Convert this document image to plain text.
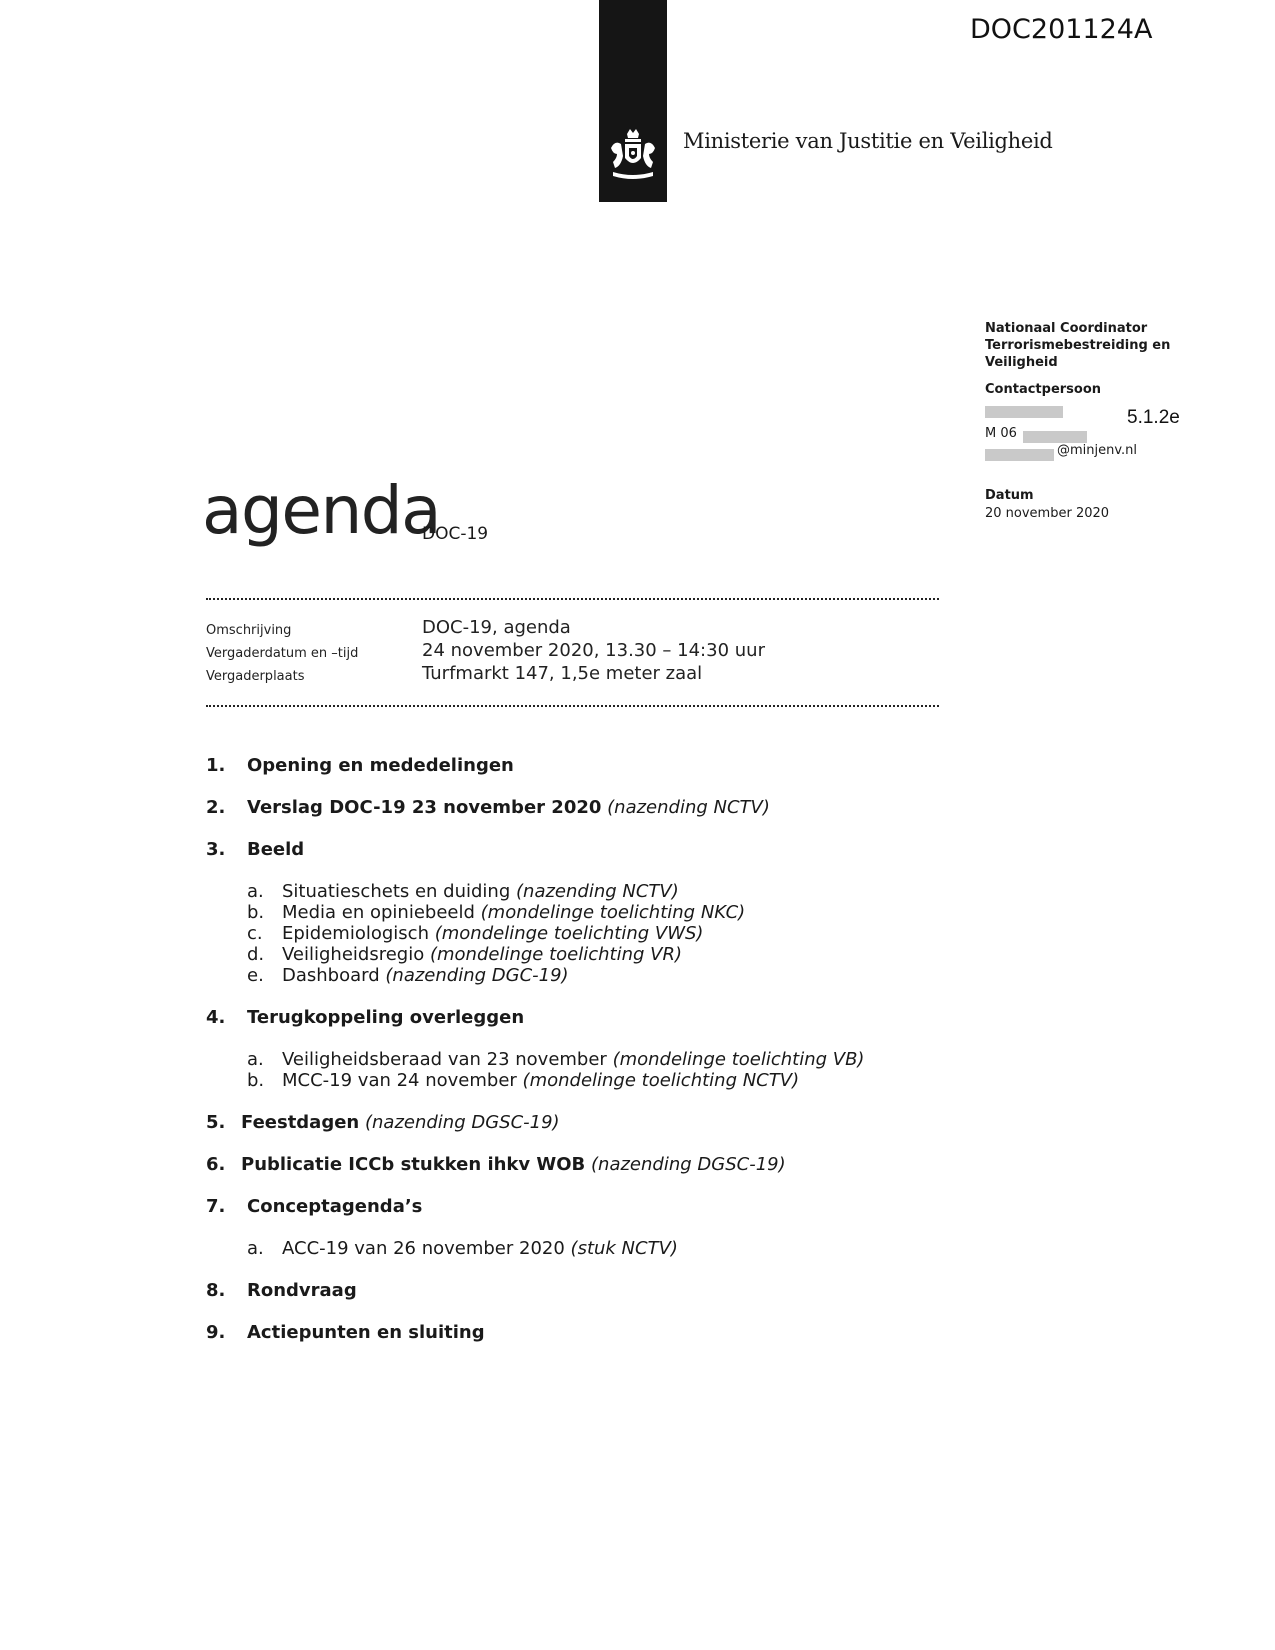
DOC201124A
Ministerie van Justitie en Veiligheid
Nationaal Coordinator Terrorismebestreiding en Veiligheid
Contactpersoon
M 06
@minjenv.nl
5.1.2e
Datum
20 november 2020
agenda
DOC-19
Omschrijving	DOC-19, agenda
Vergaderdatum en –tijd	24 november 2020, 13.30 – 14:30 uur
Vergaderplaats	Turfmarkt 147, 1,5e meter zaal
1. Opening en mededelingen
2. Verslag DOC-19 23 november 2020 (nazending NCTV)
3. Beeld
a. Situatieschets en duiding (nazending NCTV)
b. Media en opiniebeeld (mondelinge toelichting NKC)
c. Epidemiologisch (mondelinge toelichting VWS)
d. Veiligheidsregio (mondelinge toelichting VR)
e. Dashboard (nazending DGC-19)
4. Terugkoppeling overleggen
a. Veiligheidsberaad van 23 november (mondelinge toelichting VB)
b. MCC-19 van 24 november (mondelinge toelichting NCTV)
5. Feestdagen (nazending DGSC-19)
6. Publicatie ICCb stukken ihkv WOB (nazending DGSC-19)
7. Conceptagenda’s
a. ACC-19 van 26 november 2020 (stuk NCTV)
8. Rondvraag
9. Actiepunten en sluiting
